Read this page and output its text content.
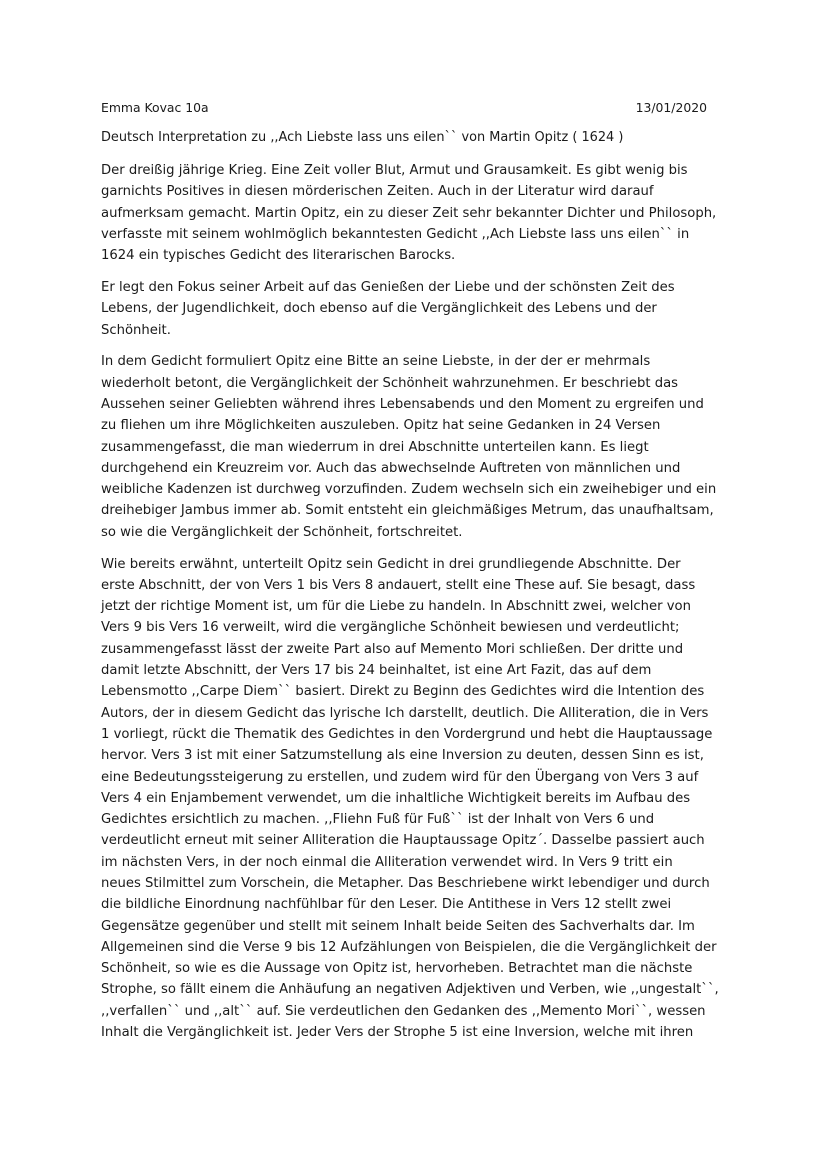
Emma Kovac 10a	13/01/2020
Deutsch Interpretation zu ,,Ach Liebste lass uns eilen`` von Martin Opitz ( 1624 )
Der dreißig jährige Krieg. Eine Zeit voller Blut, Armut und Grausamkeit. Es gibt wenig bis
garnichts Positives in diesen mörderischen Zeiten. Auch in der Literatur wird darauf
aufmerksam gemacht. Martin Opitz, ein zu dieser Zeit sehr bekannter Dichter und Philosoph,
verfasste mit seinem wohlmöglich bekanntesten Gedicht ,,Ach Liebste lass uns eilen`` in
1624 ein typisches Gedicht des literarischen Barocks.
Er legt den Fokus seiner Arbeit auf das Genießen der Liebe und der schönsten Zeit des
Lebens, der Jugendlichkeit, doch ebenso auf die Vergänglichkeit des Lebens und der
Schönheit.
In dem Gedicht formuliert Opitz eine Bitte an seine Liebste, in der der er mehrmals
wiederholt betont, die Vergänglichkeit der Schönheit wahrzunehmen. Er beschriebt das
Aussehen seiner Geliebten während ihres Lebensabends und den Moment zu ergreifen und
zu fliehen um ihre Möglichkeiten auszuleben. Opitz hat seine Gedanken in 24 Versen
zusammengefasst, die man wiederrum in drei Abschnitte unterteilen kann. Es liegt
durchgehend ein Kreuzreim vor. Auch das abwechselnde Auftreten von männlichen und
weibliche Kadenzen ist durchweg vorzufinden. Zudem wechseln sich ein zweihebiger und ein
dreihebiger Jambus immer ab. Somit entsteht ein gleichmäßiges Metrum, das unaufhaltsam,
so wie die Vergänglichkeit der Schönheit, fortschreitet.
Wie bereits erwähnt, unterteilt Opitz sein Gedicht in drei grundliegende Abschnitte. Der
erste Abschnitt, der von Vers 1 bis Vers 8 andauert, stellt eine These auf. Sie besagt, dass
jetzt der richtige Moment ist, um für die Liebe zu handeln. In Abschnitt zwei, welcher von
Vers 9 bis Vers 16 verweilt, wird die vergängliche Schönheit bewiesen und verdeutlicht;
zusammengefasst lässt der zweite Part also auf Memento Mori schließen. Der dritte und
damit letzte Abschnitt, der Vers 17 bis 24 beinhaltet, ist eine Art Fazit, das auf dem
Lebensmotto ,,Carpe Diem`` basiert. Direkt zu Beginn des Gedichtes wird die Intention des
Autors, der in diesem Gedicht das lyrische Ich darstellt, deutlich. Die Alliteration, die in Vers
1 vorliegt, rückt die Thematik des Gedichtes in den Vordergrund und hebt die Hauptaussage
hervor. Vers 3 ist mit einer Satzumstellung als eine Inversion zu deuten, dessen Sinn es ist,
eine Bedeutungssteigerung zu erstellen, und zudem wird für den Übergang von Vers 3 auf
Vers 4 ein Enjambement verwendet, um die inhaltliche Wichtigkeit bereits im Aufbau des
Gedichtes ersichtlich zu machen. ,,Fliehn Fuß für Fuß`` ist der Inhalt von Vers 6 und
verdeutlicht erneut mit seiner Alliteration die Hauptaussage Opitz´. Dasselbe passiert auch
im nächsten Vers, in der noch einmal die Alliteration verwendet wird. In Vers 9 tritt ein
neues Stilmittel zum Vorschein, die Metapher. Das Beschriebene wirkt lebendiger und durch
die bildliche Einordnung nachfühlbar für den Leser. Die Antithese in Vers 12 stellt zwei
Gegensätze gegenüber und stellt mit seinem Inhalt beide Seiten des Sachverhalts dar. Im
Allgemeinen sind die Verse 9 bis 12 Aufzählungen von Beispielen, die die Vergänglichkeit der
Schönheit, so wie es die Aussage von Opitz ist, hervorheben. Betrachtet man die nächste
Strophe, so fällt einem die Anhäufung an negativen Adjektiven und Verben, wie ,,ungestalt``,
,,verfallen`` und ,,alt`` auf. Sie verdeutlichen den Gedanken des ,,Memento Mori``, wessen
Inhalt die Vergänglichkeit ist. Jeder Vers der Strophe 5 ist eine Inversion, welche mit ihren
